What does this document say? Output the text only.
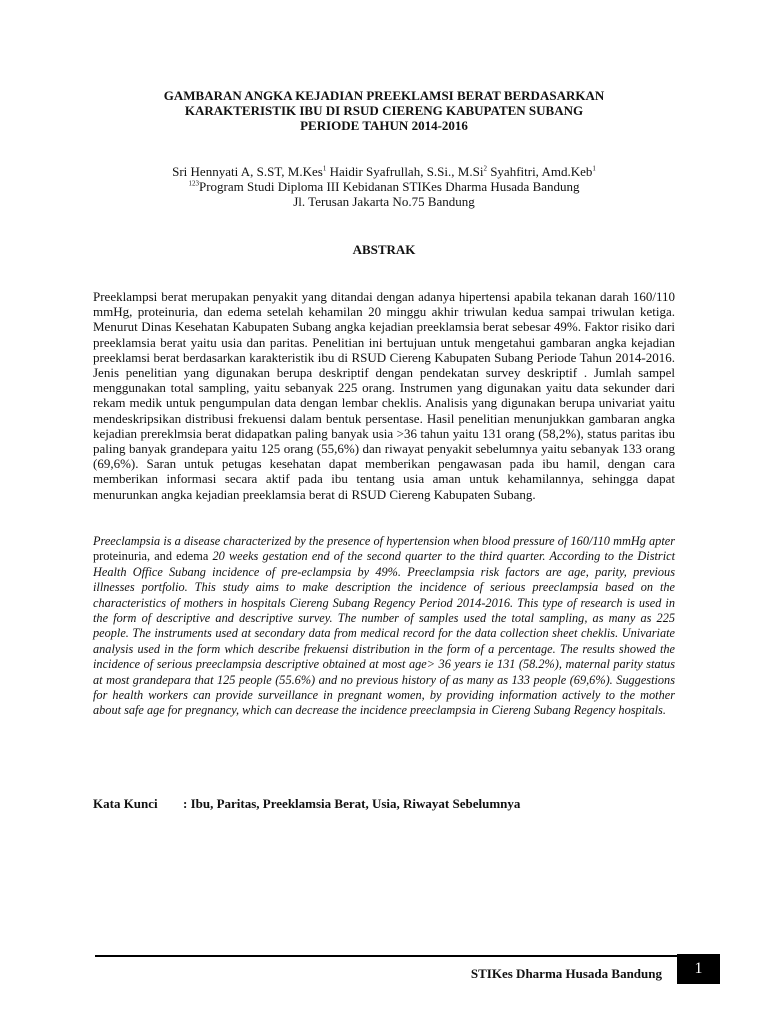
GAMBARAN ANGKA KEJADIAN PREEKLAMSI BERAT BERDASARKAN
KARAKTERISTIK IBU DI RSUD CIERENG KABUPATEN SUBANG
PERIODE TAHUN 2014-2016
Sri Hennyati A, S.ST, M.Kes$^1$ Haidir Syafrullah, S.Si., M.Si$^2$ Syahfitri, Amd.Keb$^1$
$^{123}$Program Studi Diploma III Kebidanan STIKes Dharma Husada Bandung
Jl. Terusan Jakarta No.75 Bandung
ABSTRAK

Preeklampsi berat merupakan penyakit yang ditandai dengan adanya hipertensi apabila tekanan darah 160/110 mmHg, proteinuria, dan edema setelah kehamilan 20 minggu akhir triwulan kedua sampai triwulan ketiga. Menurut Dinas Kesehatan Kabupaten Subang angka kejadian preeklamsia berat sebesar 49%. Faktor risiko dari preeklamsia berat yaitu usia dan paritas. Penelitian ini bertujuan untuk mengetahui gambaran angka kejadian preeklamsi berat berdasarkan karakteristik ibu di RSUD Ciereng Kabupaten Subang Periode Tahun 2014-2016. Jenis penelitian yang digunakan berupa deskriptif dengan pendekatan survey deskriptif . Jumlah sampel menggunakan total sampling, yaitu sebanyak 225 orang. Instrumen yang digunakan yaitu data sekunder dari rekam medik untuk pengumpulan data dengan lembar cheklis. Analisis yang digunakan berupa univariat yaitu mendeskripsikan distribusi frekuensi dalam bentuk persentase. Hasil penelitian menunjukkan gambaran angka kejadian prereklmsia berat didapatkan paling banyak usia >36 tahun yaitu 131 orang (58,2%), status paritas ibu paling banyak grandepara yaitu 125 orang (55,6%) dan riwayat penyakit sebelumnya yaitu sebanyak 133 orang (69,6%). Saran untuk petugas kesehatan dapat memberikan pengawasan pada ibu hamil, dengan cara memberikan informasi secara aktif pada ibu tentang usia aman untuk kehamilannya, sehingga dapat menurunkan angka kejadian preeklamsia berat di RSUD Ciereng Kabupaten Subang.

Preeclampsia is a disease characterized by the presence of hypertension when blood pressure of 160/110 mmHg apter proteinuria, and edema 20 weeks gestation end of the second quarter to the third quarter. According to the District Health Office Subang incidence of pre-eclampsia by 49%. Preeclampsia risk factors are age, parity, previous illnesses portfolio. This study aims to make description the incidence of serious preeclampsia based on the characteristics of mothers in hospitals Ciereng Subang Regency Period 2014-2016. This type of research is used in the form of descriptive and descriptive survey. The number of samples used the total sampling, as many as 225 people. The instruments used at secondary data from medical record for the data collection sheet cheklis. Univariate analysis used in the form which describe frekuensi distribution in the form of a percentage. The results showed the incidence of serious preeclampsia descriptive obtained at most age> 36 years ie 131 (58.2%), maternal parity status at most grandepara that 125 people (55.6%) and no previous history of as many as 133 people (69,6%). Suggestions for health workers can provide surveillance in pregnant women, by providing information actively to the mother about safe age for pregnancy, which can decrease the incidence preeclampsia in Ciereng Subang Regency hospitals.

Kata Kunci : Ibu, Paritas, Preeklamsia Berat, Usia, Riwayat Sebelumnya
STIKes Dharma Husada Bandung	1
